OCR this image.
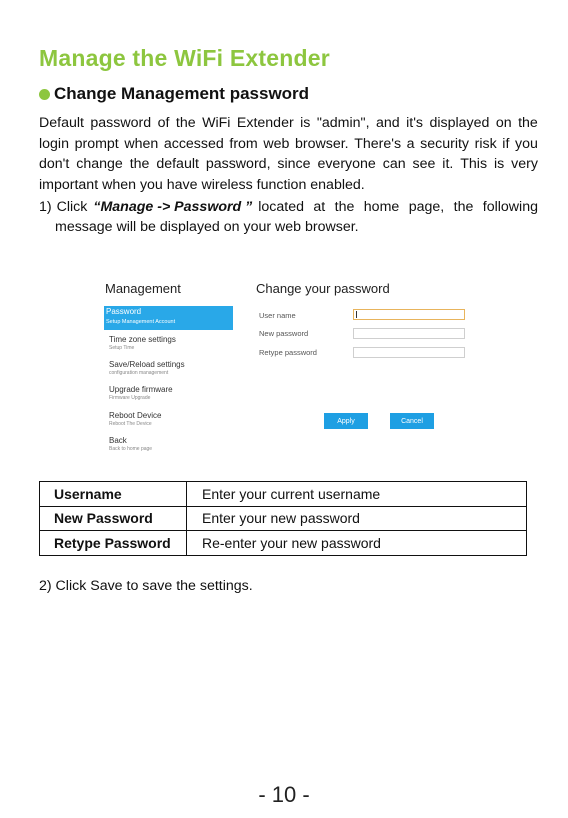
Manage the WiFi Extender
Change Management password
Default password of the WiFi Extender is "admin", and it's displayed on the
login prompt when accessed from web browser. There's a security risk if you
don't change the default password, since everyone can see it. This is very
important when you have wireless function enabled.
1) Click “Manage -> Password ” located at the home page, the following
message will be displayed on your web browser.
Management	Change your password
Password
Setup Management Account
Time zone settings
Setup Time
Save/Reload settings
configuration management
Upgrade firmware
Firmware Upgrade
Reboot Device
Reboot The Device
Back
Back to home page
User name
New password
Retype password
Apply	Cancel
Username	Enter your current username
New Password	Enter your new password
Retype Password	Re-enter your new password
2) Click Save to save the settings.
- 10 -
